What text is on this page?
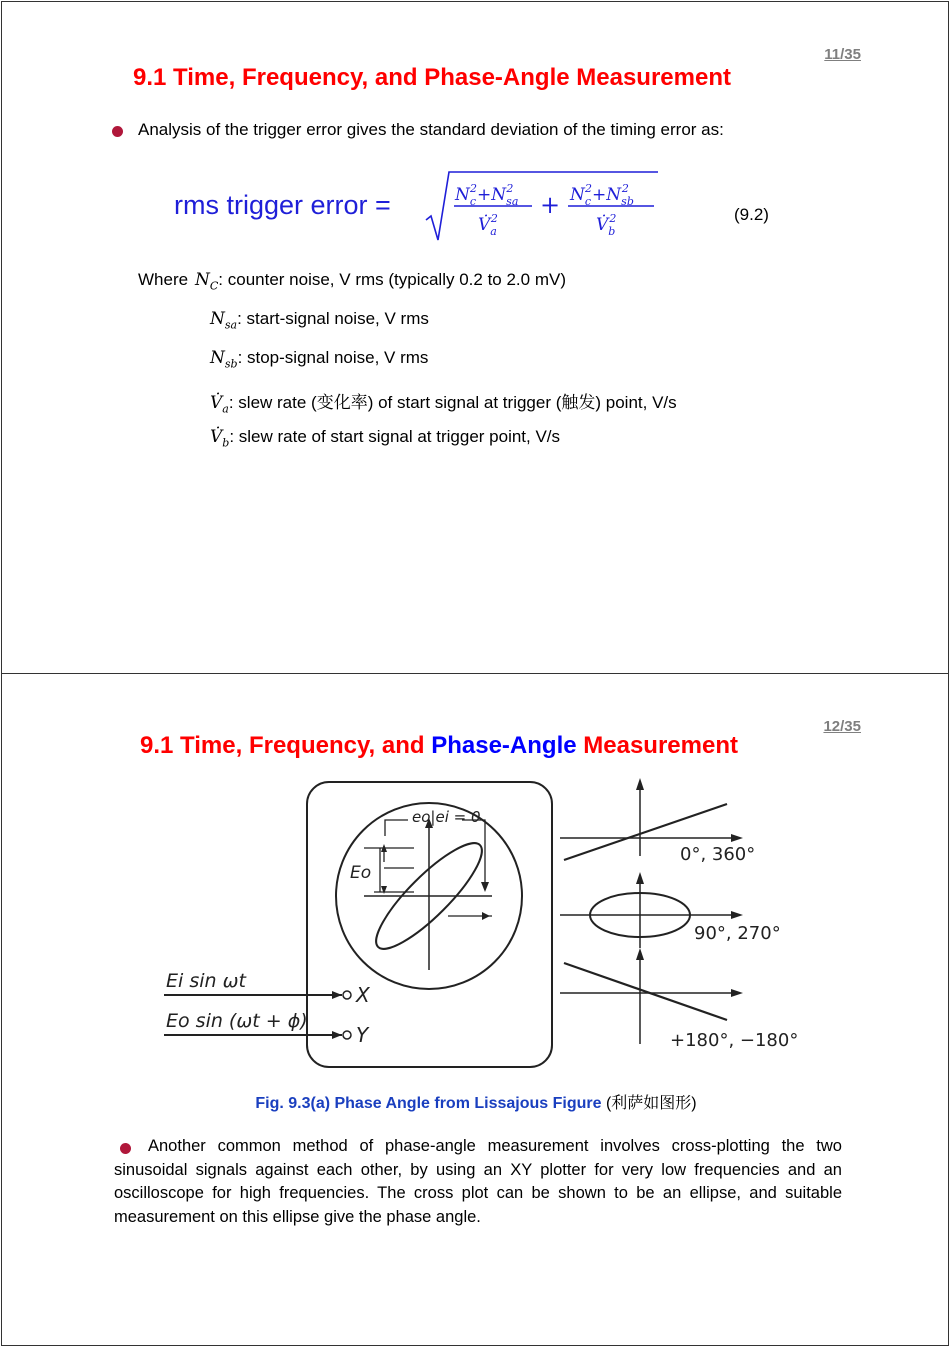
11/35
9.1 Time, Frequency, and Phase-Angle Measurement
Analysis of the trigger error gives the standard deviation of the timing error as:
rms trigger error =	$N_c2+N_{sa}2$
$V̇_a2 + N_c2+N_{sb}2$
$V̇_b2$	(9.2)
Where $N_C$: counter noise, V rms (typically 0.2 to 2.0 mV)
$N_{sa}$: start-signal noise, V rms
$N_{sb}$: stop-signal noise, V rms
$V̇_a$: slew rate (变化率) of start signal at trigger (触发) point, V/s
$V̇_b$: slew rate of start signal at trigger point, V/s
12/35
9.1 Time, Frequency, and Phase-Angle Measurement
eo|ei = 0
Eo
Ei sin ωt
Eo sin (ωt + ϕ)
X
Y
0°, 360°
90°, 270°
+180°, −180°
Fig. 9.3(a) Phase Angle from Lissajous Figure (利萨如图形)
Another common method of phase-angle measurement involves cross-plotting the two sinusoidal signals against each other, by using an XY plotter for very low frequencies and an oscilloscope for high frequencies. The cross plot can be shown to be an ellipse, and suitable measurement on this ellipse give the phase angle.
